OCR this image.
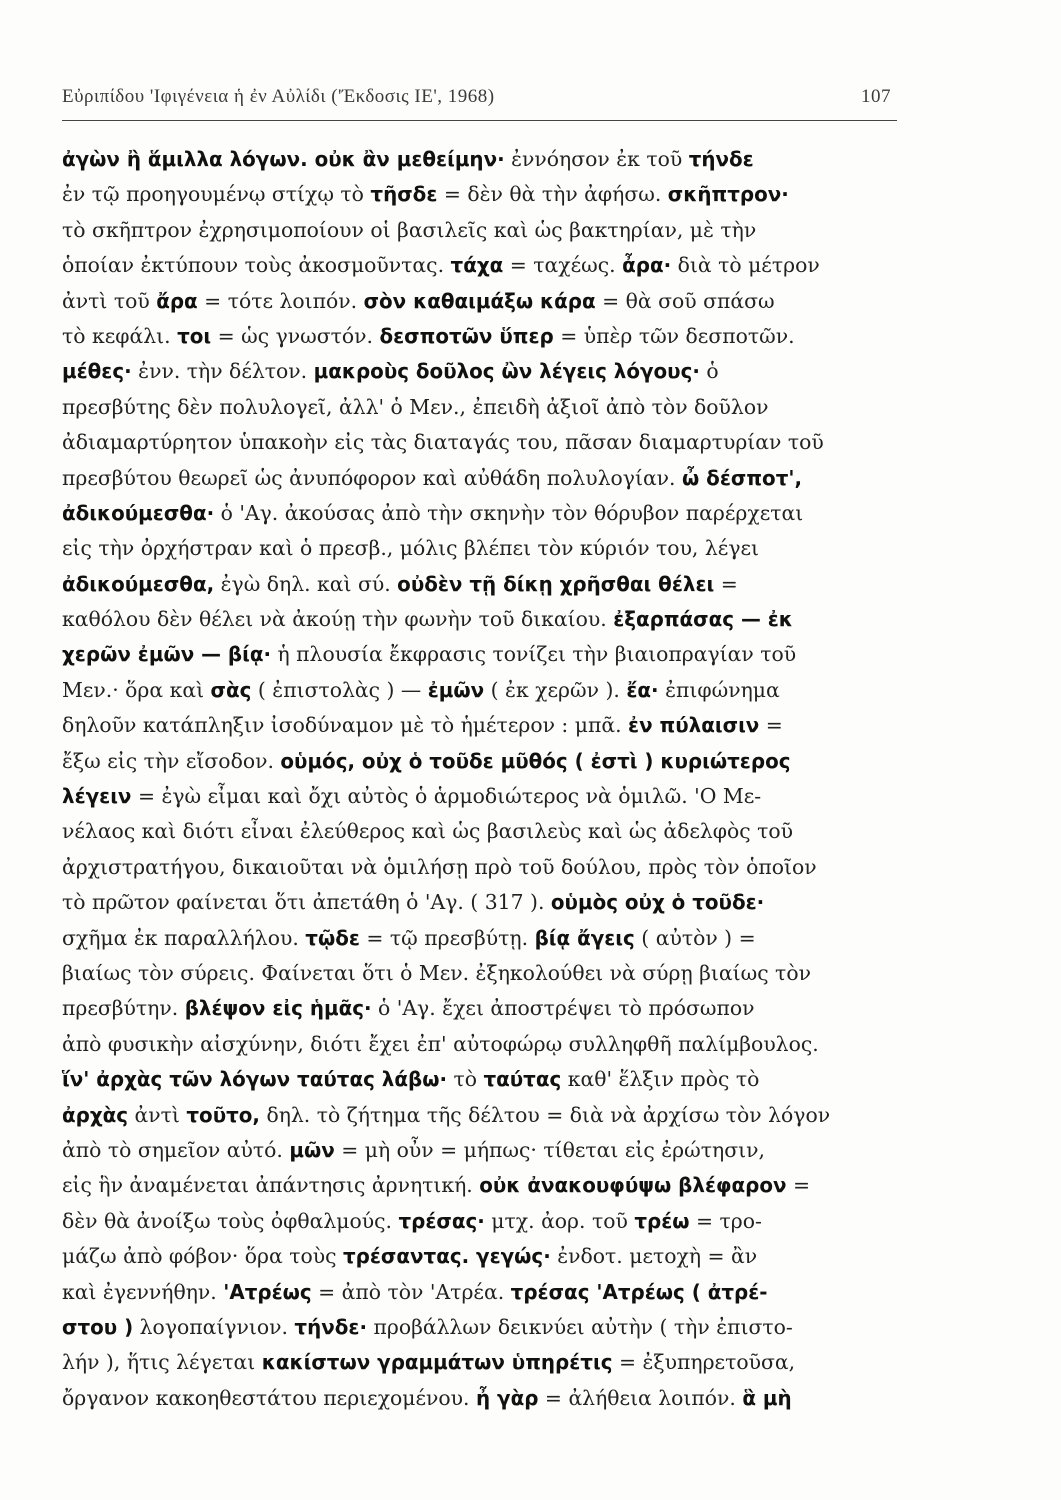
Εὐριπίδου 'Ιφιγένεια ἡ ἐν Αὐλίδι ('Έκδοσις ΙΕ', 1968)	107
ἀγὼν ἢ ἅμιλλα λόγων. οὐκ ἂν μεθείμην· ἐννόησον ἐκ τοῦ τήνδε
ἐν τῷ προηγουμένῳ στίχῳ τὸ τῆσδε = δὲν θὰ τὴν ἀφήσω. σκῆπτρον·
τὸ σκῆπτρον ἐχρησιμοποίουν οἱ βασιλεῖς καὶ ὡς βακτηρίαν, μὲ τὴν
ὁποίαν ἐκτύπουν τοὺς ἀκοσμοῦντας. τάχα = ταχέως. ἆρα· διὰ τὸ μέτρον
ἀντὶ τοῦ ἄρα = τότε λοιπόν. σὸν καθαιμάξω κάρα = θὰ σοῦ σπάσω
τὸ κεφάλι. τοι = ὡς γνωστόν. δεσποτῶν ὕπερ = ὑπὲρ τῶν δεσποτῶν.
μέθες· ἐνν. τὴν δέλτον. μακροὺς δοῦλος ὢν λέγεις λόγους· ὁ
πρεσβύτης δὲν πολυλογεῖ, ἀλλ' ὁ Μεν., ἐπειδὴ ἀξιοῖ ἀπὸ τὸν δοῦλον
ἀδιαμαρτύρητον ὑπακοὴν εἰς τὰς διαταγάς του, πᾶσαν διαμαρτυρίαν τοῦ
πρεσβύτου θεωρεῖ ὡς ἀνυπόφορον καὶ αὐθάδη πολυλογίαν. ὦ δέσποτ',
ἀδικούμεσθα· ὁ 'Αγ. ἀκούσας ἀπὸ τὴν σκηνὴν τὸν θόρυβον παρέρχεται
εἰς τὴν ὀρχήστραν καὶ ὁ πρεσβ., μόλις βλέπει τὸν κύριόν του, λέγει
ἀδικούμεσθα, ἐγὼ δηλ. καὶ σύ. οὐδὲν τῇ δίκῃ χρῆσθαι θέλει =
καθόλου δὲν θέλει νὰ ἀκούῃ τὴν φωνὴν τοῦ δικαίου. ἐξαρπάσας — ἐκ
χερῶν ἐμῶν — βίᾳ· ἡ πλουσία ἔκφρασις τονίζει τὴν βιαιοπραγίαν τοῦ
Μεν.· ὅρα καὶ σὰς ( ἐπιστολὰς ) — ἐμῶν ( ἐκ χερῶν ). ἔα· ἐπιφώνημα
δηλοῦν κατάπληξιν ἰσοδύναμον μὲ τὸ ἡμέτερον : μπᾶ. ἐν πύλαισιν =
ἔξω εἰς τὴν εἴσοδον. οὑμός, οὐχ ὁ τοῦδε μῦθός ( ἐστὶ ) κυριώτερος
λέγειν = ἐγὼ εἶμαι καὶ ὄχι αὐτὸς ὁ ἁρμοδιώτερος νὰ ὁμιλῶ. 'Ο Με-
νέλαος καὶ διότι εἶναι ἐλεύθερος καὶ ὡς βασιλεὺς καὶ ὡς ἀδελφὸς τοῦ
ἀρχιστρατήγου, δικαιοῦται νὰ ὁμιλήσῃ πρὸ τοῦ δούλου, πρὸς τὸν ὁποῖον
τὸ πρῶτον φαίνεται ὅτι ἀπετάθη ὁ 'Αγ. ( 317 ). οὑμὸς οὐχ ὁ τοῦδε·
σχῆμα ἐκ παραλλήλου. τῷδε = τῷ πρεσβύτῃ. βίᾳ ἄγεις ( αὐτὸν ) =
βιαίως τὸν σύρεις. Φαίνεται ὅτι ὁ Μεν. ἐξηκολούθει νὰ σύρῃ βιαίως τὸν
πρεσβύτην. βλέψον εἰς ἡμᾶς· ὁ 'Αγ. ἔχει ἀποστρέψει τὸ πρόσωπον
ἀπὸ φυσικὴν αἰσχύνην, διότι ἔχει ἐπ' αὐτοφώρῳ συλληφθῆ παλίμβουλος.
ἵν' ἀρχὰς τῶν λόγων ταύτας λάβω· τὸ ταύτας καθ' ἕλξιν πρὸς τὸ
ἀρχὰς ἀντὶ τοῦτο, δηλ. τὸ ζήτημα τῆς δέλτου = διὰ νὰ ἀρχίσω τὸν λόγον
ἀπὸ τὸ σημεῖον αὐτό. μῶν = μὴ οὖν = μήπως· τίθεται εἰς ἐρώτησιν,
εἰς ἣν ἀναμένεται ἀπάντησις ἀρνητική. οὐκ ἀνακουφύψω βλέφαρον =
δὲν θὰ ἀνοίξω τοὺς ὀφθαλμούς. τρέσας· μτχ. ἀορ. τοῦ τρέω = τρο-
μάζω ἀπὸ φόβον· ὅρα τοὺς τρέσαντας. γεγώς· ἐνδοτ. μετοχὴ = ἂν
καὶ ἐγεννήθην. 'Ατρέως = ἀπὸ τὸν 'Ατρέα. τρέσας 'Ατρέως ( ἀτρέ-
στου ) λογοπαίγνιον. τήνδε· προβάλλων δεικνύει αὐτὴν ( τὴν ἐπιστο-
λήν ), ἥτις λέγεται κακίστων γραμμάτων ὑπηρέτις = ἐξυπηρετοῦσα,
ὄργανον κακοηθεστάτου περιεχομένου. ἦ γὰρ = ἀλήθεια λοιπόν. ἃ μὴ
